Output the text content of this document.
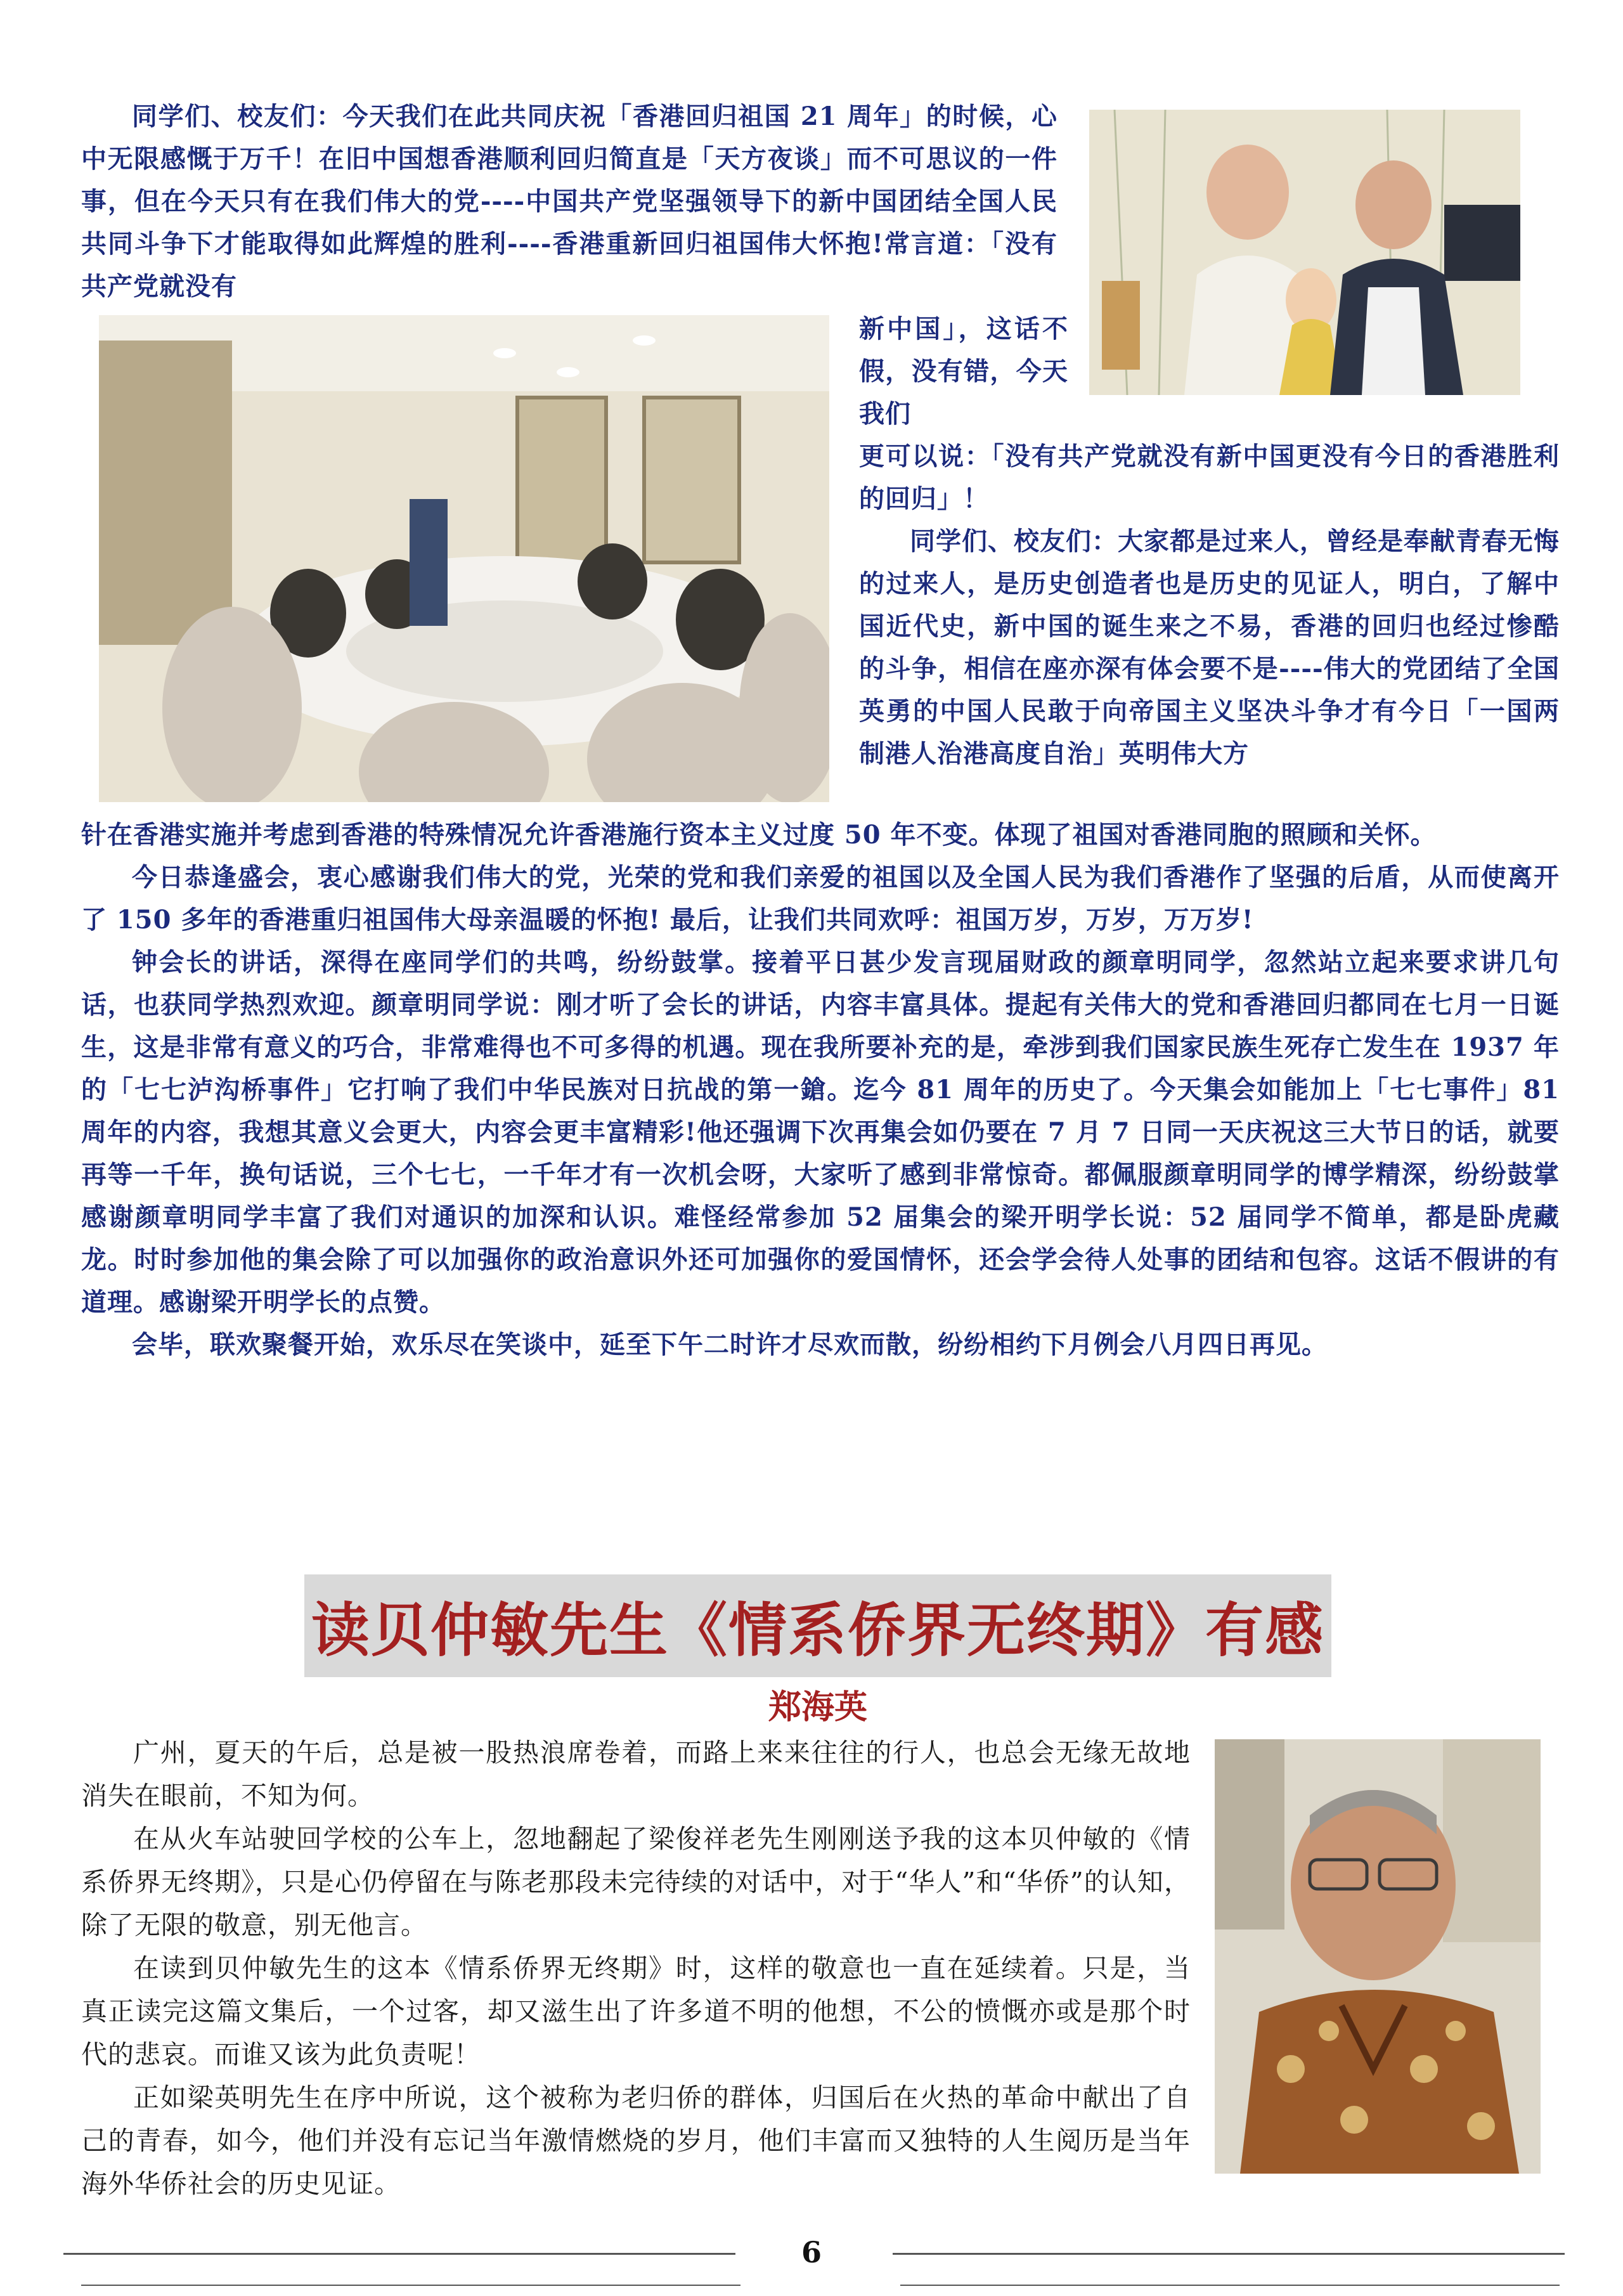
同学们、校友们：今天我们在此共同庆祝「香港回归祖国 21 周年」的时候，心中无限感慨于万千！在旧中国想香港顺利回归简直是「天方夜谈」而不可思议的一件事，但在今天只有在我们伟大的党----中国共产党坚强领导下的新中国团结全国人民共同斗争下才能取得如此辉煌的胜利----香港重新回归祖国伟大怀抱!常言道：「没有共产党就没有

新中国」，这话不假，没有错，今天我们

更可以说：「没有共产党就没有新中国更没有今日的香港胜利的回归」！

同学们、校友们：大家都是过来人，曾经是奉献青春无悔的过来人，是历史创造者也是历史的见证人，明白，了解中国近代史，新中国的诞生来之不易，香港的回归也经过惨酷的斗争，相信在座亦深有体会要不是----伟大的党团结了全国英勇的中国人民敢于向帝国主义坚决斗争才有今日「一国两制港人治港高度自治」英明伟大方

针在香港实施并考虑到香港的特殊情况允许香港施行资本主义过度 50 年不变。体现了祖国对香港同胞的照顾和关怀。

今日恭逢盛会，衷心感谢我们伟大的党，光荣的党和我们亲爱的祖国以及全国人民为我们香港作了坚强的后盾，从而使离开了 150 多年的香港重归祖国伟大母亲温暖的怀抱! 最后，让我们共同欢呼：祖国万岁，万岁，万万岁!

钟会长的讲话，深得在座同学们的共鸣，纷纷鼓掌。接着平日甚少发言现届财政的颜章明同学，忽然站立起来要求讲几句话，也获同学热烈欢迎。颜章明同学说：刚才听了会长的讲话，内容丰富具体。提起有关伟大的党和香港回归都同在七月一日诞生，这是非常有意义的巧合，非常难得也不可多得的机遇。现在我所要补充的是，牵涉到我们国家民族生死存亡发生在 1937 年的「七七泸沟桥事件」它打响了我们中华民族对日抗战的第一鎗。迄今 81 周年的历史了。今天集会如能加上「七七事件」81 周年的内容，我想其意义会更大，内容会更丰富精彩!他还强调下次再集会如仍要在 7 月 7 日同一天庆祝这三大节日的话，就要再等一千年，换句话说，三个七七，一千年才有一次机会呀，大家听了感到非常惊奇。都佩服颜章明同学的博学精深，纷纷鼓掌感谢颜章明同学丰富了我们对通识的加深和认识。难怪经常参加 52 届集会的梁开明学长说：52 届同学不简单，都是卧虎藏龙。时时参加他的集会除了可以加强你的政治意识外还可加强你的爱国情怀，还会学会待人处事的团结和包容。这话不假讲的有道理。感谢梁开明学长的点赞。

会毕，联欢聚餐开始，欢乐尽在笑谈中，延至下午二时许才尽欢而散，纷纷相约下月例会八月四日再见。

读贝仲敏先生《情系侨界无终期》有感
郑海英

广州，夏天的午后，总是被一股热浪席卷着，而路上来来往往的行人，也总会无缘无故地消失在眼前，不知为何。

在从火车站驶回学校的公车上，忽地翻起了梁俊祥老先生刚刚送予我的这本贝仲敏的《情系侨界无终期》，只是心仍停留在与陈老那段未完待续的对话中，对于“华人”和“华侨”的认知，除了无限的敬意，别无他言。

在读到贝仲敏先生的这本《情系侨界无终期》时，这样的敬意也一直在延续着。只是，当真正读完这篇文集后，一个过客，却又滋生出了许多道不明的他想，不公的愤慨亦或是那个时代的悲哀。而谁又该为此负责呢！

正如梁英明先生在序中所说，这个被称为老归侨的群体，归国后在火热的革命中献出了自己的青春，如今，他们并没有忘记当年激情燃烧的岁月，他们丰富而又独特的人生阅历是当年海外华侨社会的历史见证。

6
